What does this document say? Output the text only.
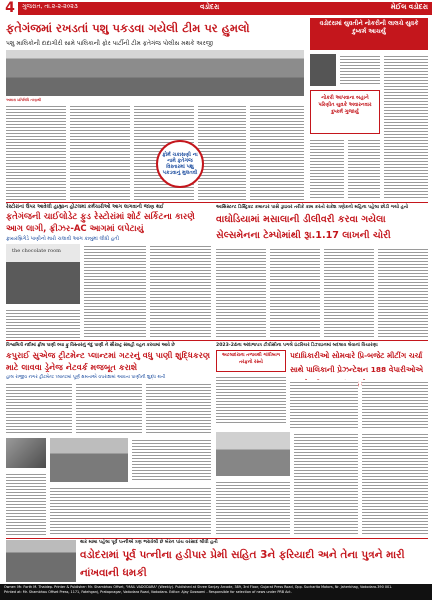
4	ગુજરાત, તા.૨-૨-૨૦૨૩	વડોદરા	મેઈલ વડોદરા
ફતેગંજમાં રખડતાં પશુ પકડવા ગયેલી ટીમ પર હુમલો
પશુ માલિકોની દાદાગીરી સામે પાલિકાની ફોર પાર્ટીની ટીમ ફતેગંજ પોલીસ મથકે અરજી
અમારા પ્રતિનિધિ તરફથી
ફોર્મ ચકાસણી ના નામે ફતેગંજ વિસ્તારમાં પશુ પકડવાનું મુલતવી
વડોદરામાં યુવતીને નોકરીની લાલચે યુવકે દુષ્કર્મ આચર્યું
નોકરી આપવાના બહાને પરિણીત યુવકે અવારનવાર દુષ્કર્મ ગુજાર્યુ
રેસ્ટોરાંનાં ઉપર આવેલી હાહ્યાન હોટલમાં કર્મચારીઓ આગ લાગવાની જાણ થઈ
ફતેગંજની ચાઈલોડેટ ફુડ રેસ્ટોરાંમાં શોર્ટ સર્કિટના કારણે આગ લાગી, ફ્રીઝર-AC આગમાં લપેટાયું
ફાયરબ્રિગેડે પાણીનો મારો ચલાવી આગ કાબુમાં લીધી હતી
the chocolate room
આસિસ્ટન્ટ ડિસ્ટ્રિક્ટ કમાન્ડર પાસે ડ્રાઇવર તરીકે કામ કરતો રાકેશ ત્રણેકનો મહિના પહેલા છોડી ગયો હતો
વાઘોડિયામાં મસાલાની ડીલીવરી કરવા ગયેલા સેલ્સમેનના ટેમ્પોમાંથી રૂા.1.17 લાખની ચોરી
વિશ્વામિત્રી નદીમાં ફ્રીલ પાણી લ્યા ફુ વિસ્તારનું ગંદુ પાણી ને સૌરાષ્ટ્ર સંગ્રહી વહન કરવામાં આવે છે
કપુરાઈ સુએજ ટ્રીટમેન્ટ પ્લાન્ટમાં ગટરનું વધુ પાણી શુદ્ધિકરણ માટે લાવવા ડ્રેનેજ નેટવર્ક મજબૂત કરાશે
હાલ રાજીવ નગર ટ્રીટમેન્ટ પ્લાન્ટમાં પૂર્ણ ક્ષમતાએ વપરાશમાં આવતા પાણીની શુદ્ધ થતી
2023-24ના અંદાજપત્ર ટીપીસીના પગલે ઇંટરિયર ડિઝાઇનમાં બદલાવ લેવાનાં વિચારણા
પદાધિકારીઓ સોમવારે પ્રિ-બજેટ મીટીંગ ચર્ચા સાથે પાલિકાની પ્રેઝન્ટેશન 188 વેપારીઓએ
અટલાદરાના તળાવથી ગાંધીબાગ તરફનો રસ્તો
થાર મામા પહેલા પૂર્વ પત્નીએ ત્રણ ભરાવેલી છે બેરન પાંચ વરસાદ લીધી હતી
વડોદરામાં પૂર્વ પત્નીના હડીપાર પ્રેમી સહિત 3ને ફરિયાદી અને તેના પુત્રને મારી નાંખવાની ધમકી
Owner: Mr. Forth M. Thaidep. Printer & Publisher: Mr. Shambhau Offset, "MAIL VADODARA" (Weekly). Published at Shree Sanjay Arcade, 389, 3rd Floor, Gujarat Press Road, Opp. Sucharita Motors, Nr. Jaherbhag, Vadodara-390 001.
Printed at: Mr. Shambhau Offset Press, 1171, Fatehganj, Pratapnagar, Vadodara Road, Vadodara. Editor: Ajay Goswami - Responsible for selection of news under PRB Act.
